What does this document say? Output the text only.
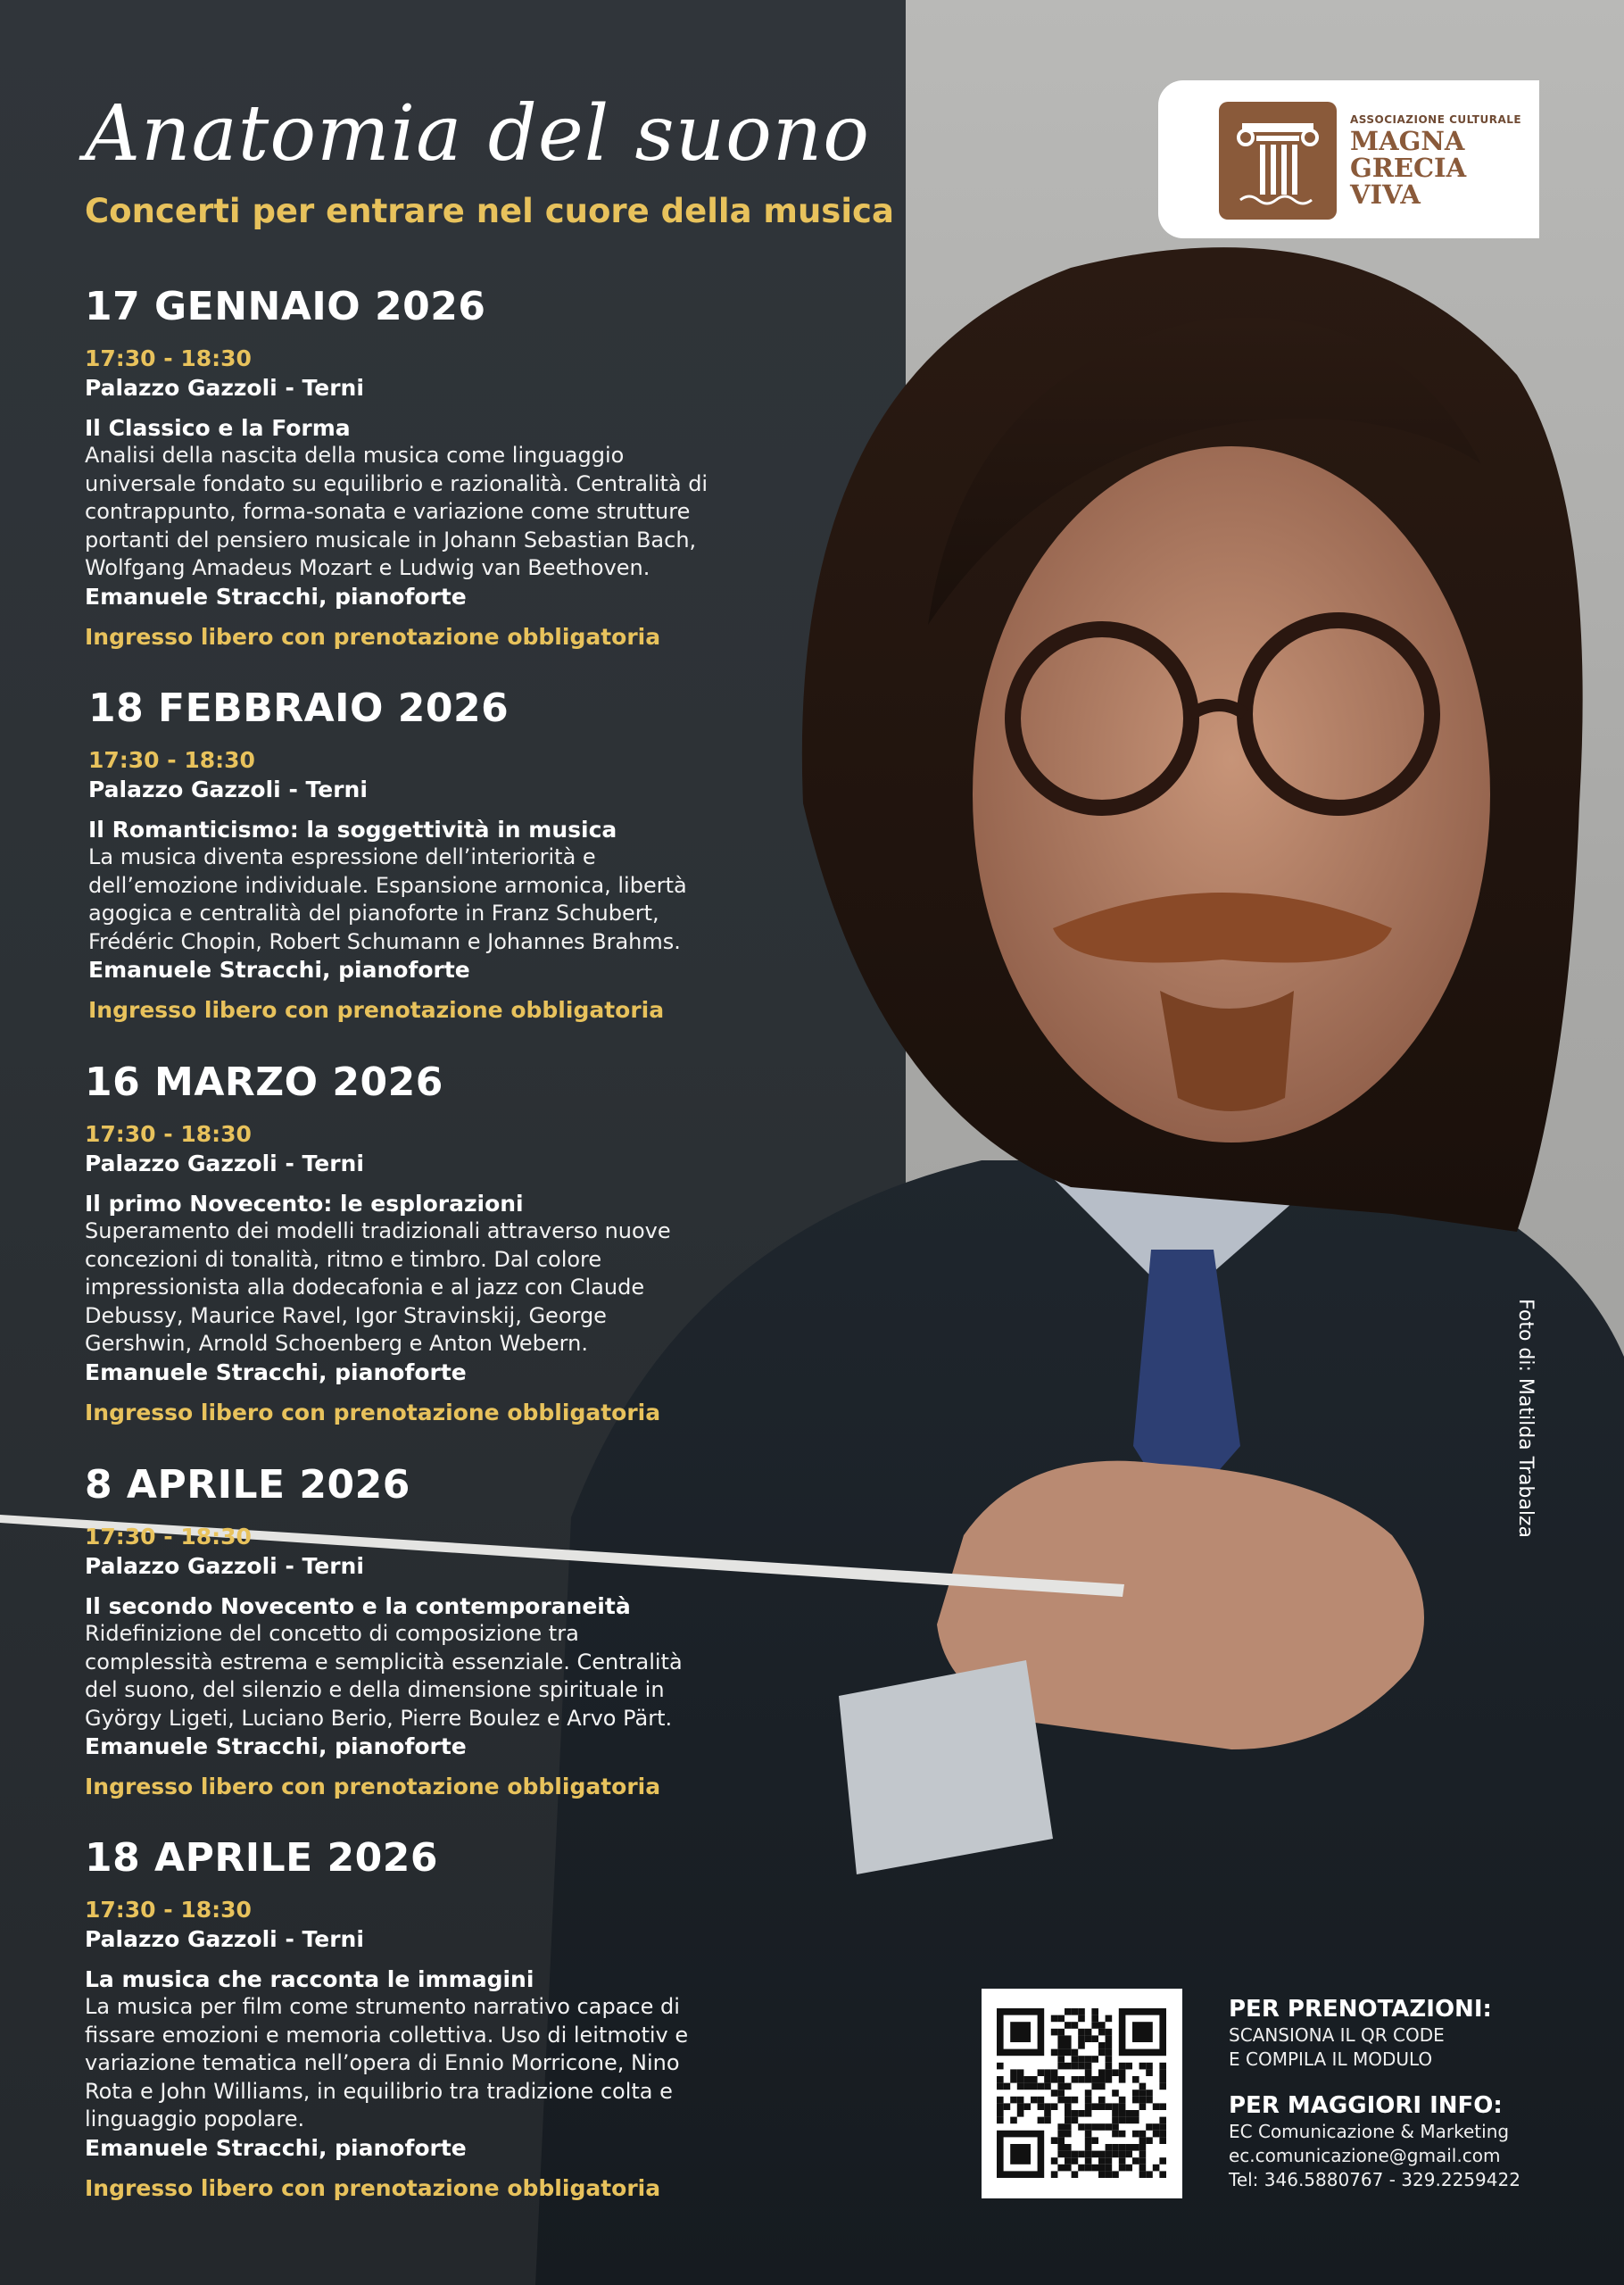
Anatomia del suono

Concerti per entrare nel cuore della musica

17 GENNAIO 2026

17:30 - 18:30

Palazzo Gazzoli - Terni

Il Classico e la Forma

Analisi della nascita della musica come linguaggio

universale fondato su equilibrio e razionalità. Centralità di

contrappunto, forma-sonata e variazione come strutture

portanti del pensiero musicale in Johann Sebastian Bach,

Wolfgang Amadeus Mozart e Ludwig van Beethoven.

Emanuele Stracchi, pianoforte

Ingresso libero con prenotazione obbligatoria

18 FEBBRAIO 2026

17:30 - 18:30

Palazzo Gazzoli - Terni

Il Romanticismo: la soggettività in musica

La musica diventa espressione dell’interiorità e

dell’emozione individuale. Espansione armonica, libertà

agogica e centralità del pianoforte in Franz Schubert,

Frédéric Chopin, Robert Schumann e Johannes Brahms.

Emanuele Stracchi, pianoforte

Ingresso libero con prenotazione obbligatoria

16 MARZO 2026

17:30 - 18:30

Palazzo Gazzoli - Terni

Il primo Novecento: le esplorazioni

Superamento dei modelli tradizionali attraverso nuove

concezioni di tonalità, ritmo e timbro. Dal colore

impressionista alla dodecafonia e al jazz con Claude

Debussy, Maurice Ravel, Igor Stravinskij, George

Gershwin, Arnold Schoenberg e Anton Webern.

Emanuele Stracchi, pianoforte

Ingresso libero con prenotazione obbligatoria

8 APRILE 2026

17:30 - 18:30

Palazzo Gazzoli - Terni

Il secondo Novecento e la contemporaneità

Ridefinizione del concetto di composizione tra

complessità estrema e semplicità essenziale. Centralità

del suono, del silenzio e della dimensione spirituale in

György Ligeti, Luciano Berio, Pierre Boulez e Arvo Pärt.

Emanuele Stracchi, pianoforte

Ingresso libero con prenotazione obbligatoria

18 APRILE 2026

17:30 - 18:30

Palazzo Gazzoli - Terni

La musica che racconta le immagini

La musica per film come strumento narrativo capace di

fissare emozioni e memoria collettiva. Uso di leitmotiv e

variazione tematica nell’opera di Ennio Morricone, Nino

Rota e John Williams, in equilibrio tra tradizione colta e

linguaggio popolare.

Emanuele Stracchi, pianoforte

Ingresso libero con prenotazione obbligatoria

ASSOCIAZIONE CULTURALE

MAGNA

GRECIA

VIVA

Foto di: Matilda Trabalza

PER PRENOTAZIONI:

SCANSIONA IL QR CODE

E COMPILA IL MODULO

PER MAGGIORI INFO:

EC Comunicazione & Marketing

ec.comunicazione@gmail.com

Tel: 346.5880767 - 329.2259422
